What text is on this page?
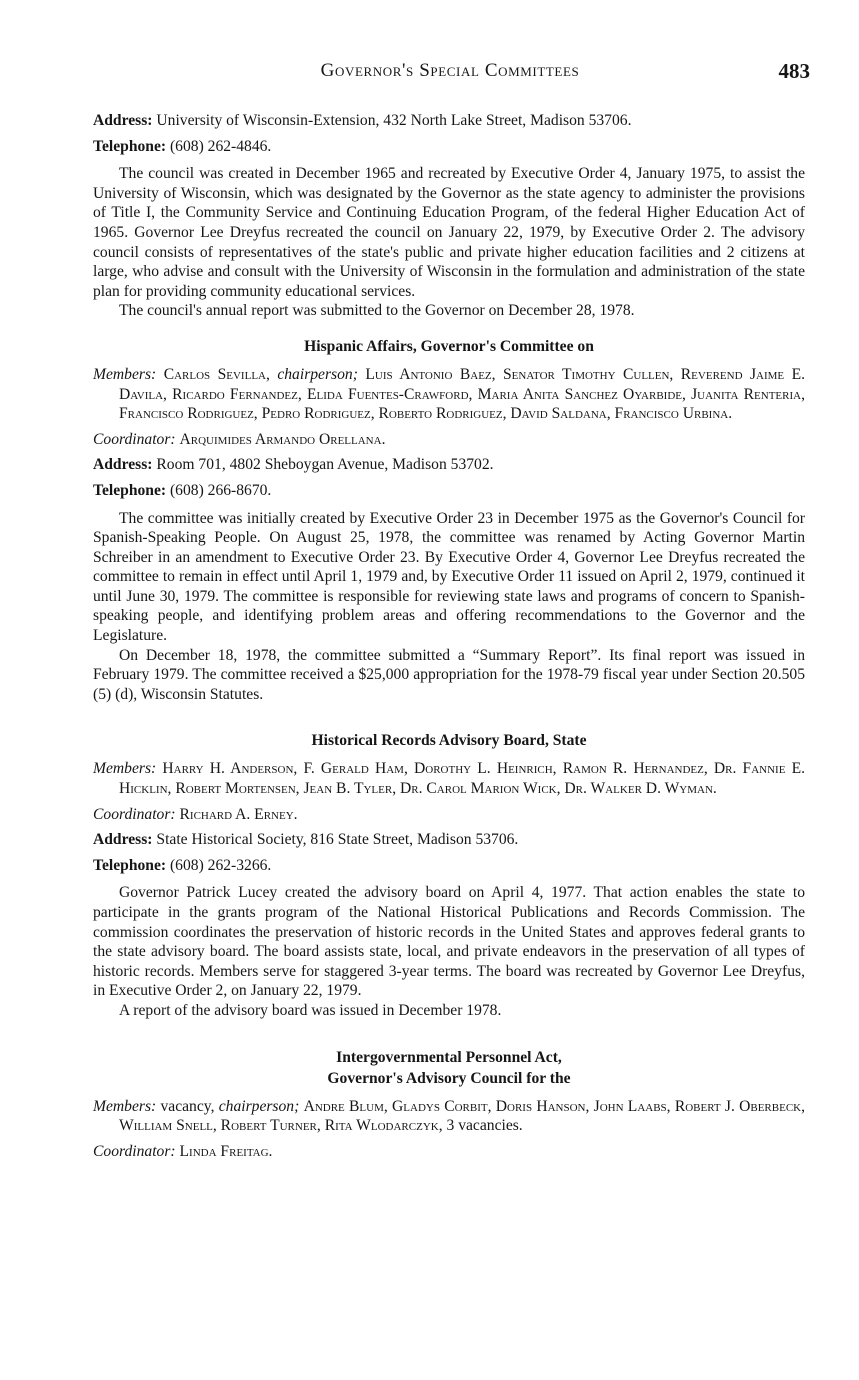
Governor's Special Committees	483

Address: University of Wisconsin-Extension, 432 North Lake Street, Madison 53706.

Telephone: (608) 262-4846.

The council was created in December 1965 and recreated by Executive Order 4, January 1975, to assist the University of Wisconsin, which was designated by the Governor as the state agency to administer the provisions of Title I, the Community Service and Continuing Education Program, of the federal Higher Education Act of 1965. Governor Lee Dreyfus recreated the council on January 22, 1979, by Executive Order 2. The advisory council consists of representatives of the state's public and private higher education facilities and 2 citizens at large, who advise and consult with the University of Wisconsin in the formulation and administration of the state plan for providing community educational services.

The council's annual report was submitted to the Governor on December 28, 1978.

Hispanic Affairs, Governor's Committee on

Members: Carlos Sevilla, chairperson; Luis Antonio Baez, Senator Timothy Cullen, Reverend Jaime E. Davila, Ricardo Fernandez, Elida Fuentes-Crawford, Maria Anita Sanchez Oyarbide, Juanita Renteria, Francisco Rodriguez, Pedro Rodriguez, Roberto Rodriguez, David Saldana, Francisco Urbina.

Coordinator: Arquimides Armando Orellana.

Address: Room 701, 4802 Sheboygan Avenue, Madison 53702.

Telephone: (608) 266-8670.

The committee was initially created by Executive Order 23 in December 1975 as the Governor's Council for Spanish-Speaking People. On August 25, 1978, the committee was renamed by Acting Governor Martin Schreiber in an amendment to Executive Order 23. By Executive Order 4, Governor Lee Dreyfus recreated the committee to remain in effect until April 1, 1979 and, by Executive Order 11 issued on April 2, 1979, continued it until June 30, 1979. The committee is responsible for reviewing state laws and programs of concern to Spanish-speaking people, and identifying problem areas and offering recommendations to the Governor and the Legislature.

On December 18, 1978, the committee submitted a “Summary Report”. Its final report was issued in February 1979. The committee received a $25,000 appropriation for the 1978-79 fiscal year under Section 20.505 (5) (d), Wisconsin Statutes.

Historical Records Advisory Board, State

Members: Harry H. Anderson, F. Gerald Ham, Dorothy L. Heinrich, Ramon R. Hernandez, Dr. Fannie E. Hicklin, Robert Mortensen, Jean B. Tyler, Dr. Carol Marion Wick, Dr. Walker D. Wyman.

Coordinator: Richard A. Erney.

Address: State Historical Society, 816 State Street, Madison 53706.

Telephone: (608) 262-3266.

Governor Patrick Lucey created the advisory board on April 4, 1977. That action enables the state to participate in the grants program of the National Historical Publications and Records Commission. The commission coordinates the preservation of historic records in the United States and approves federal grants to the state advisory board. The board assists state, local, and private endeavors in the preservation of all types of historic records. Members serve for staggered 3-year terms. The board was recreated by Governor Lee Dreyfus, in Executive Order 2, on January 22, 1979.

A report of the advisory board was issued in December 1978.

Intergovernmental Personnel Act,
Governor's Advisory Council for the

Members: vacancy, chairperson; Andre Blum, Gladys Corbit, Doris Hanson, John Laabs, Robert J. Oberbeck, William Snell, Robert Turner, Rita Wlodarczyk, 3 vacancies.

Coordinator: Linda Freitag.
